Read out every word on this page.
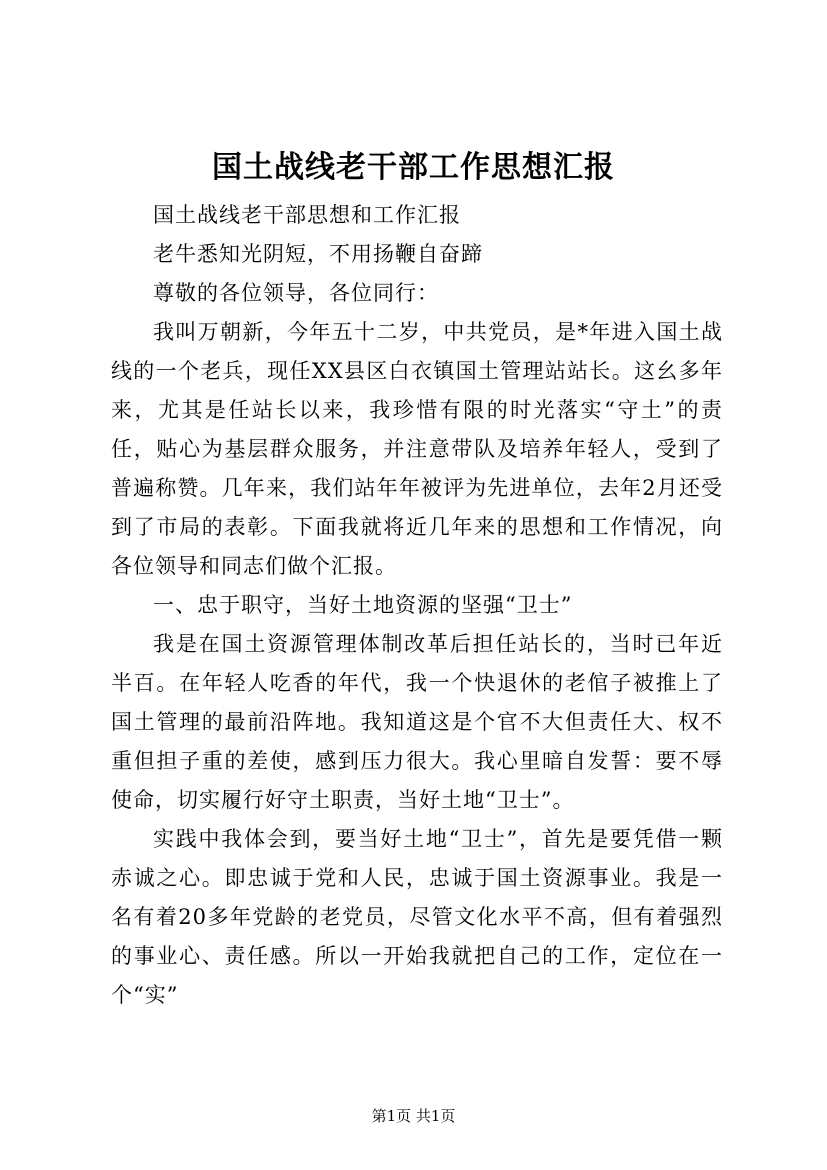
国土战线老干部工作思想汇报

国土战线老干部思想和工作汇报

老牛悉知光阴短，不用扬鞭自奋蹄

尊敬的各位领导，各位同行：

我叫万朝新，今年五十二岁，中共党员，是*年进入国土战线的一个老兵，现任XX县区白衣镇国土管理站站长。这幺多年来，尤其是任站长以来，我珍惜有限的时光落实“守土”的责任，贴心为基层群众服务，并注意带队及培养年轻人，受到了普遍称赞。几年来，我们站年年被评为先进单位，去年2月还受到了市局的表彰。下面我就将近几年来的思想和工作情况，向各位领导和同志们做个汇报。

一、忠于职守，当好土地资源的坚强“卫士”

我是在国土资源管理体制改革后担任站长的，当时已年近半百。在年轻人吃香的年代，我一个快退休的老倌子被推上了国土管理的最前沿阵地。我知道这是个官不大但责任大、权不重但担子重的差使，感到压力很大。我心里暗自发誓：要不辱使命，切实履行好守土职责，当好土地“卫士”。

实践中我体会到，要当好土地“卫士”，首先是要凭借一颗赤诚之心。即忠诚于党和人民，忠诚于国土资源事业。我是一名有着20多年党龄的老党员，尽管文化水平不高，但有着强烈的事业心、责任感。所以一开始我就把自己的工作，定位在一个“实”

第1页 共1页
